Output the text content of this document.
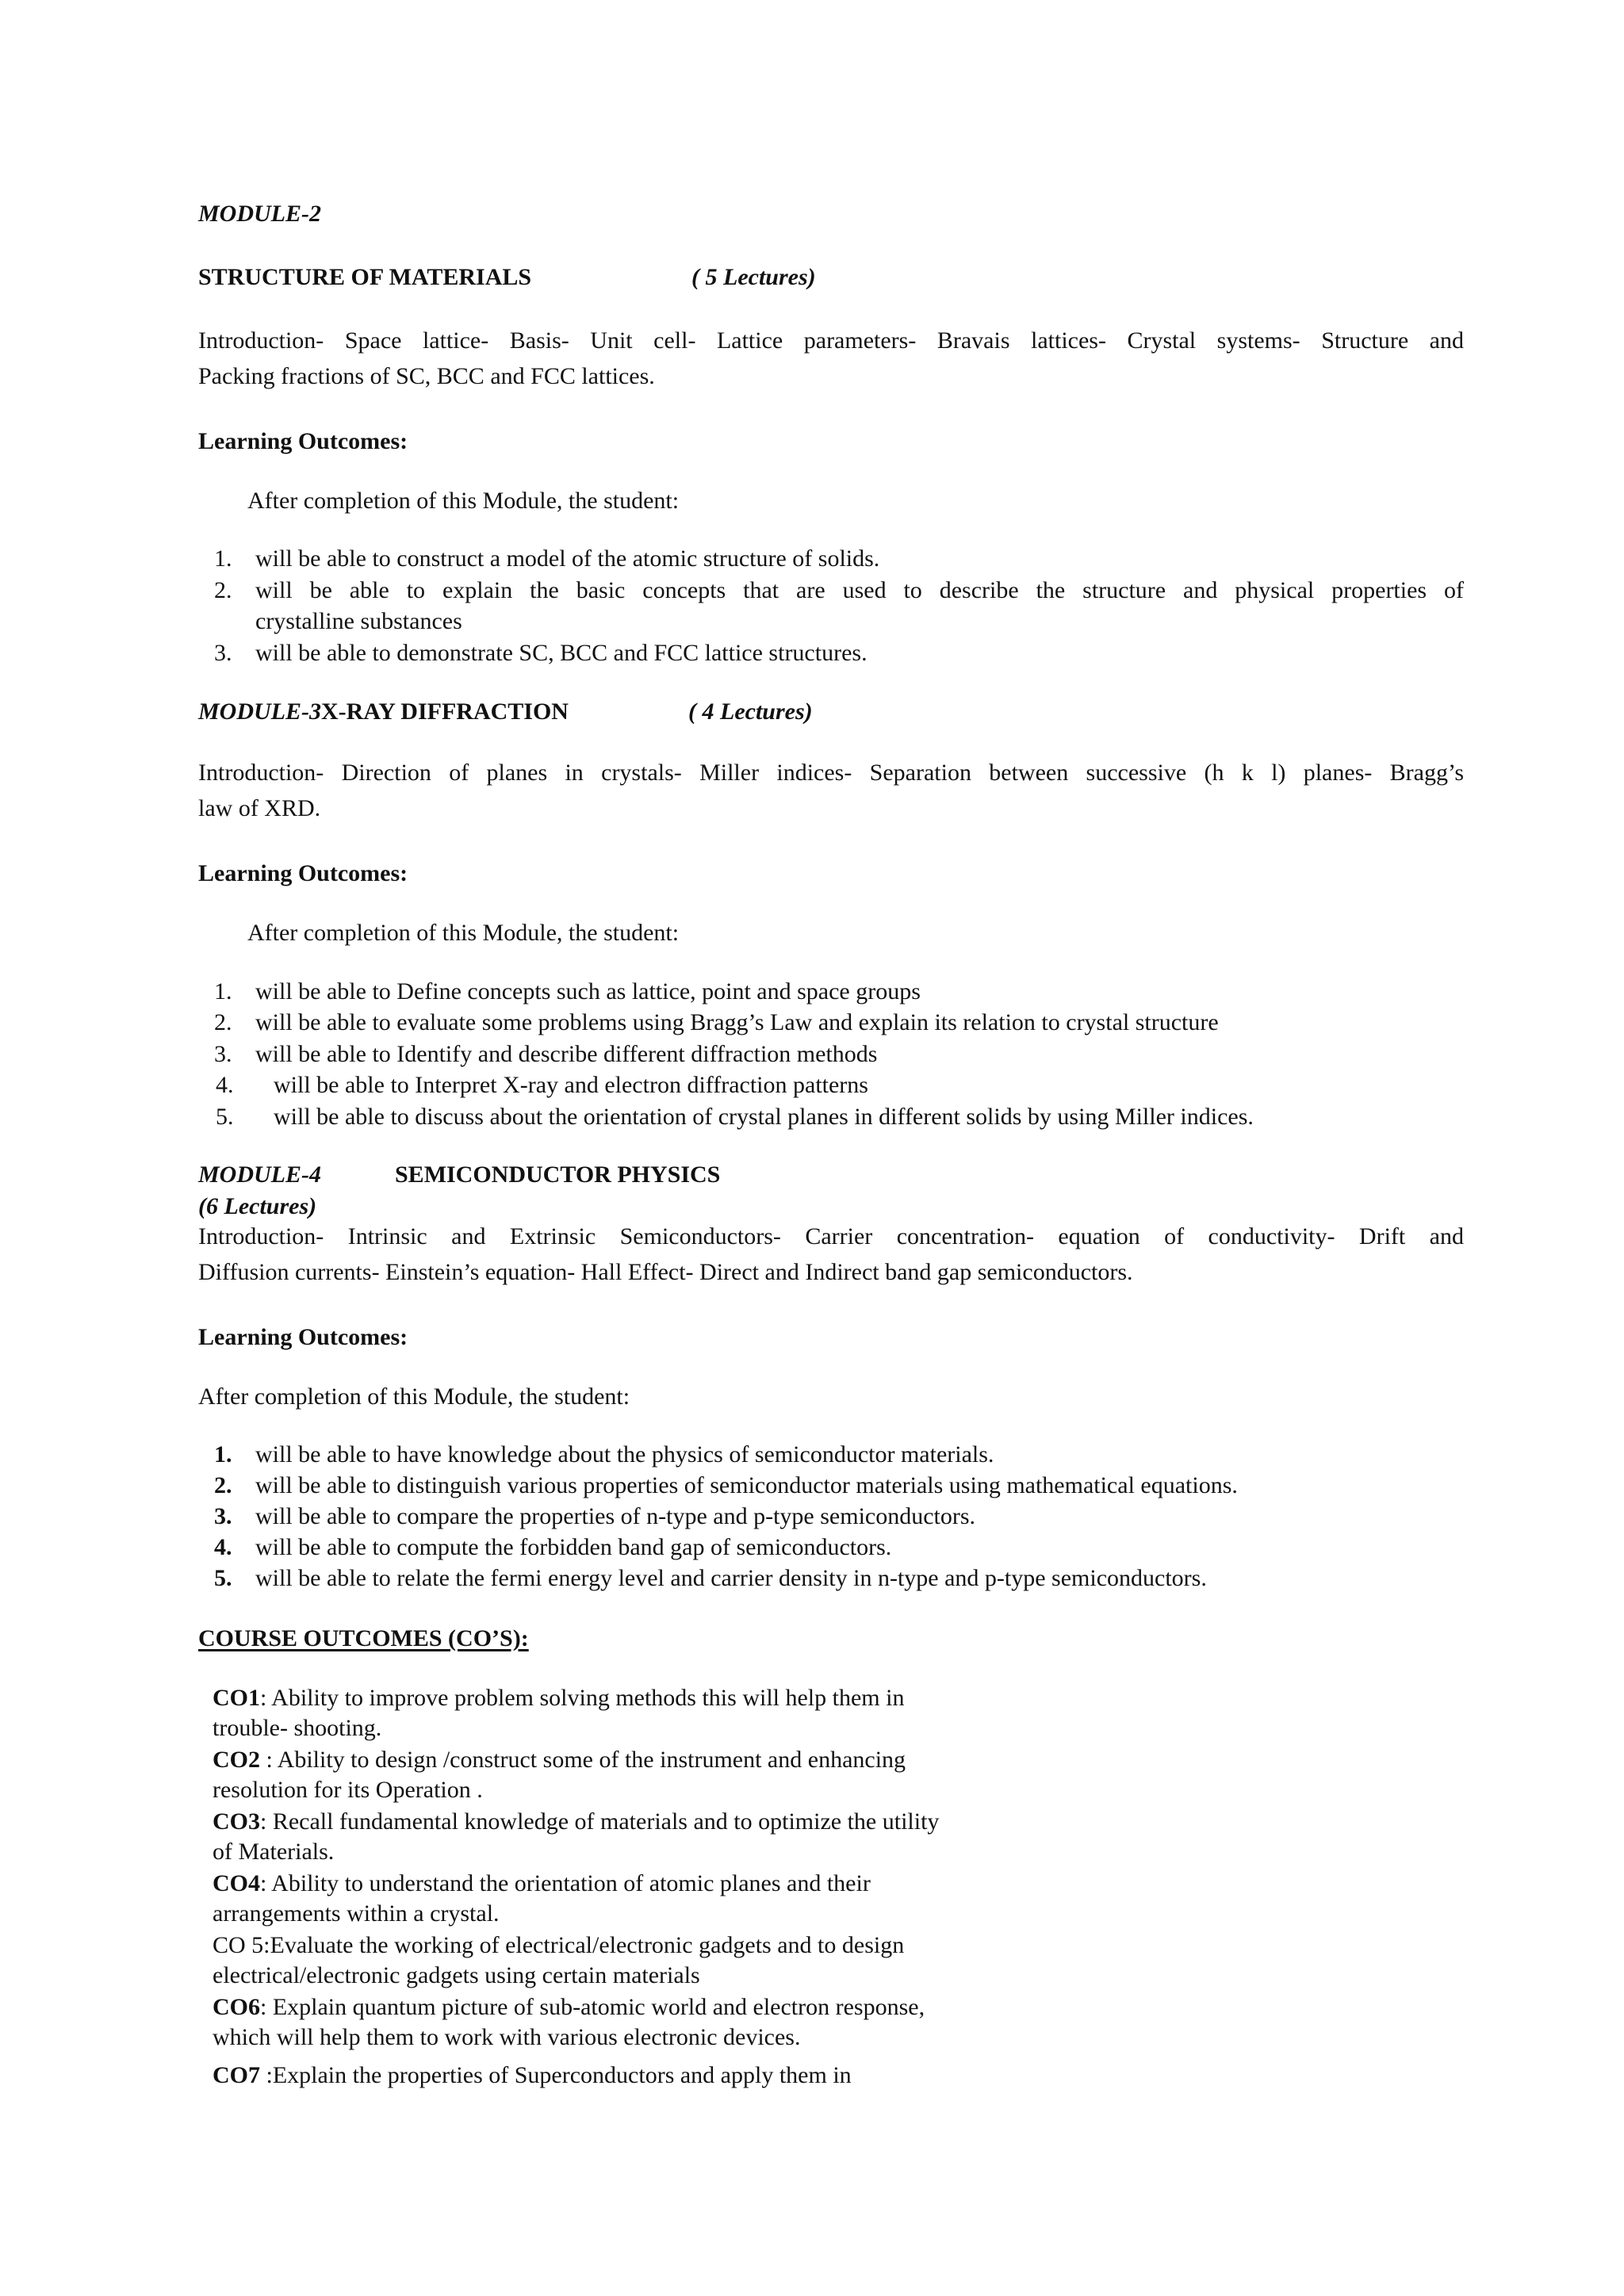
MODULE-2
STRUCTURE OF MATERIALS	( 5 Lectures)
Introduction- Space lattice- Basis- Unit cell- Lattice parameters- Bravais lattices- Crystal systems- Structure and
Packing fractions of SC, BCC and FCC lattices.
Learning Outcomes:
After completion of this Module, the student:
1. will be able to construct a model of the atomic structure of solids.
2. will be able to explain the basic concepts that are used to describe the structure and physical properties of
crystalline substances
3. will be able to demonstrate SC, BCC and FCC lattice structures.
MODULE-3X-RAY DIFFRACTION	( 4 Lectures)
Introduction- Direction of planes in crystals- Miller indices- Separation between successive (h k l) planes- Bragg’s
law of XRD.
Learning Outcomes:
After completion of this Module, the student:
1. will be able to Define concepts such as lattice, point and space groups
2. will be able to evaluate some problems using Bragg’s Law and explain its relation to crystal structure
3. will be able to Identify and describe different diffraction methods
4.	will be able to Interpret X-ray and electron diffraction patterns
5.	will be able to discuss about the orientation of crystal planes in different solids by using Miller indices.
MODULE-4	SEMICONDUCTOR PHYSICS
(6 Lectures)
Introduction- Intrinsic and Extrinsic Semiconductors- Carrier concentration- equation of conductivity- Drift and
Diffusion currents- Einstein’s equation- Hall Effect- Direct and Indirect band gap semiconductors.
Learning Outcomes:
After completion of this Module, the student:
1. will be able to have knowledge about the physics of semiconductor materials.
2. will be able to distinguish various properties of semiconductor materials using mathematical equations.
3. will be able to compare the properties of n-type and p-type semiconductors.
4. will be able to compute the forbidden band gap of semiconductors.
5. will be able to relate the fermi energy level and carrier density in n-type and p-type semiconductors.
COURSE OUTCOMES (CO’S):
CO1: Ability to improve problem solving methods this will help them in
trouble- shooting.
CO2 : Ability to design /construct some of the instrument and enhancing
resolution for its Operation .
CO3: Recall fundamental knowledge of materials and to optimize the utility
of Materials.
CO4: Ability to understand the orientation of atomic planes and their
arrangements within a crystal.
CO 5:Evaluate the working of electrical/electronic gadgets and to design
electrical/electronic gadgets using certain materials
CO6: Explain quantum picture of sub-atomic world and electron response,
which will help them to work with various electronic devices.
CO7 :Explain the properties of Superconductors and apply them in
